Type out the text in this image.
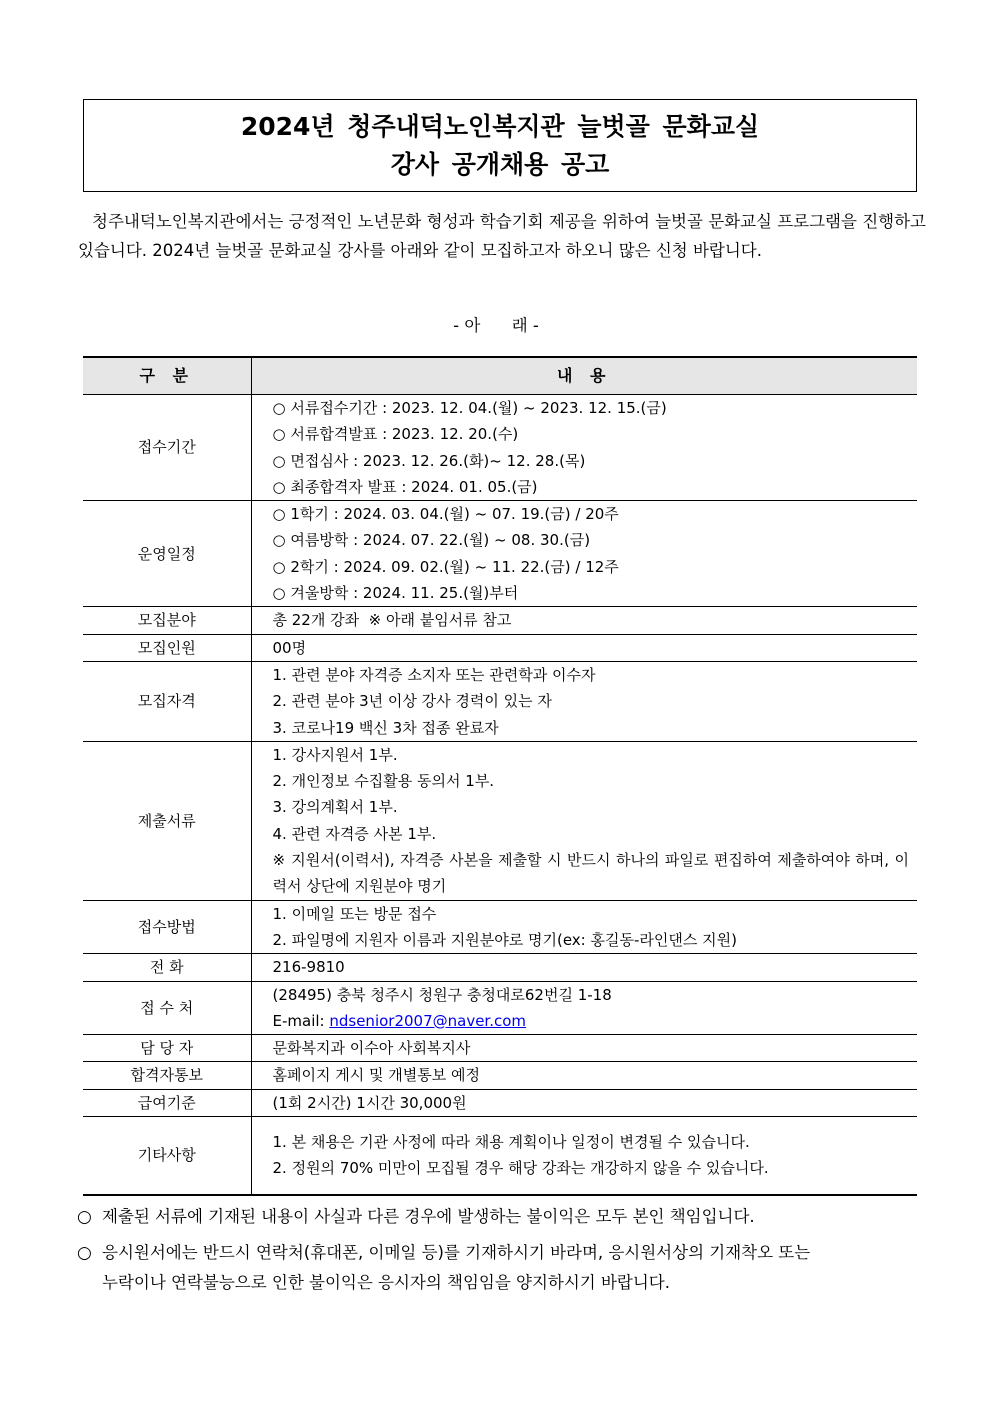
2024년 청주내덕노인복지관 늘벗골 문화교실
강사 공개채용 공고

청주내덕노인복지관에서는 긍정적인 노년문화 형성과 학습기회 제공을 위하여 늘벗골 문화교실 프로그램을 진행하고 있습니다. 2024년 늘벗골 문화교실 강사를 아래와 같이 모집하고자 하오니 많은 신청 바랍니다.

- 아      래 -
구 분	내 용
접수기간	○ 서류접수기간 : 2023. 12. 04.(월) ~ 2023. 12. 15.(금)
○ 서류합격발표 : 2023. 12. 20.(수)
○ 면접심사 : 2023. 12. 26.(화)~ 12. 28.(목)
○ 최종합격자 발표 : 2024. 01. 05.(금)

운영일정	○ 1학기 : 2024. 03. 04.(월) ~ 07. 19.(금) / 20주
○ 여름방학 : 2024. 07. 22.(월) ~ 08. 30.(금)
○ 2학기 : 2024. 09. 02.(월) ~ 11. 22.(금) / 12주
○ 겨울방학 : 2024. 11. 25.(월)부터

모집분야	총 22개 강좌  ※ 아래 붙임서류 참고

모집인원	00명

모집자격	1. 관련 분야 자격증 소지자 또는 관련학과 이수자
2. 관련 분야 3년 이상 강사 경력이 있는 자
3. 코로나19 백신 3차 접종 완료자

제출서류	1. 강사지원서 1부.
2. 개인정보 수집활용 동의서 1부.
3. 강의계획서 1부.
4. 관련 자격증 사본 1부.
※ 지원서(이력서), 자격증 사본을 제출할 시 반드시 하나의 파일로 편집하여 제출하여야 하며, 이력서 상단에 지원분야 명기

접수방법	1. 이메일 또는 방문 접수
2. 파일명에 지원자 이름과 지원분야로 명기(ex: 홍길동-라인댄스 지원)

전 화	216-9810

접 수 처	(28495) 충북 청주시 청원구 충청대로62번길 1-18
E-mail: ndsenior2007@naver.com

담 당 자	문화복지과 이수아 사회복지사

합격자통보	홈페이지 게시 및 개별통보 예정

급여기준	(1회 2시간) 1시간 30,000원

기타사항	1. 본 채용은 기관 사정에 따라 채용 계획이나 일정이 변경될 수 있습니다.
2. 정원의 70% 미만이 모집될 경우 해당 강좌는 개강하지 않을 수 있습니다.
○ 제출된 서류에 기재된 내용이 사실과 다른 경우에 발생하는 불이익은 모두 본인 책임입니다.
○ 응시원서에는 반드시 연락처(휴대폰, 이메일 등)를 기재하시기 바라며, 응시원서상의 기재착오 또는
누락이나 연락불능으로 인한 불이익은 응시자의 책임임을 양지하시기 바랍니다.
